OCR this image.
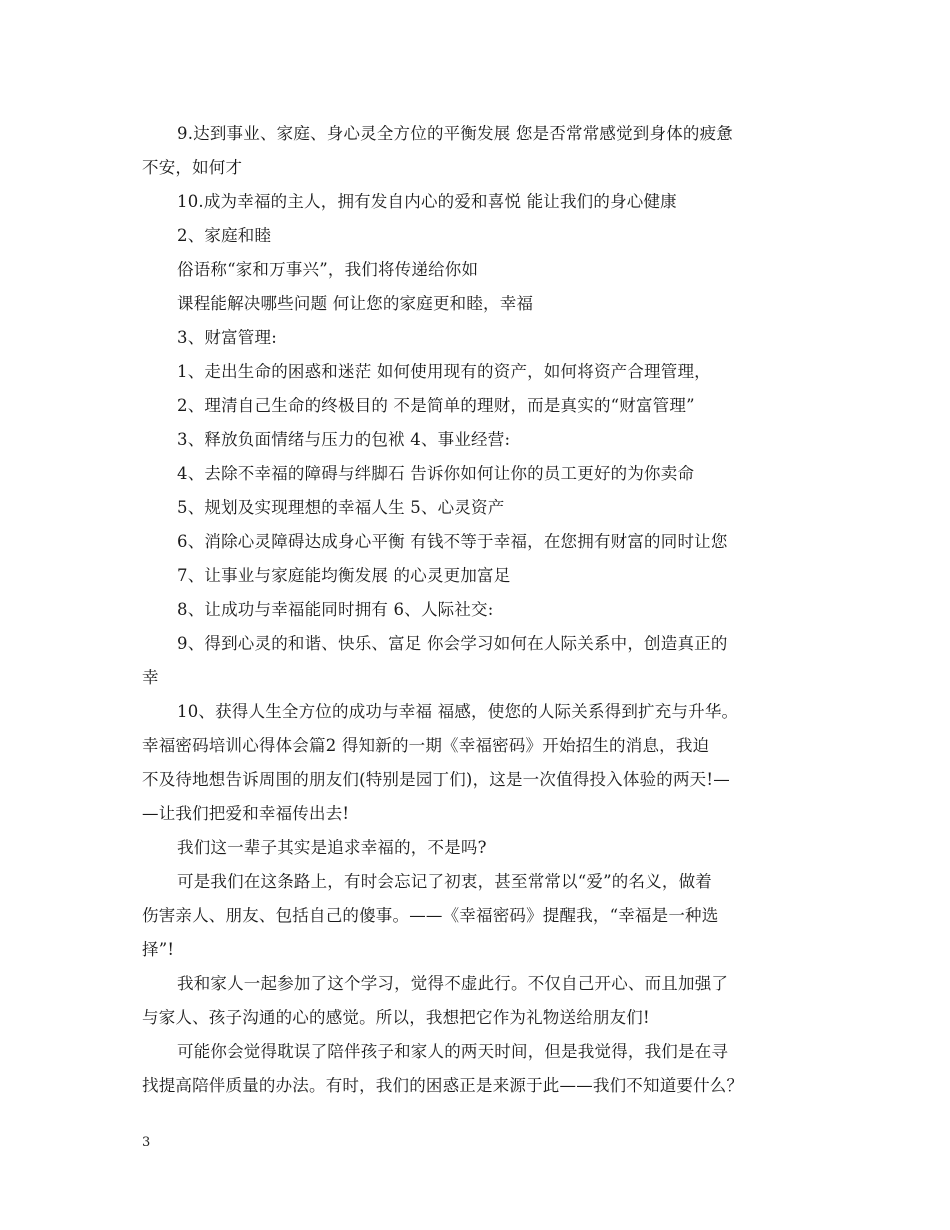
9.达到事业、家庭、身心灵全方位的平衡发展 您是否常常感觉到身体的疲惫
不安，如何才
10.成为幸福的主人，拥有发自内心的爱和喜悦 能让我们的身心健康
2、家庭和睦
俗语称“家和万事兴”，我们将传递给你如
课程能解决哪些问题 何让您的家庭更和睦，幸福
3、财富管理:
1、走出生命的困惑和迷茫 如何使用现有的资产，如何将资产合理管理，
2、理清自己生命的终极目的 不是简单的理财，而是真实的“财富管理”
3、释放负面情绪与压力的包袱 4、事业经营:
4、去除不幸福的障碍与绊脚石 告诉你如何让你的员工更好的为你卖命
5、规划及实现理想的幸福人生 5、心灵资产
6、消除心灵障碍达成身心平衡 有钱不等于幸福，在您拥有财富的同时让您
7、让事业与家庭能均衡发展 的心灵更加富足
8、让成功与幸福能同时拥有 6、人际社交:
9、得到心灵的和谐、快乐、富足 你会学习如何在人际关系中，创造真正的
幸
10、获得人生全方位的成功与幸福 福感，使您的人际关系得到扩充与升华。
幸福密码培训心得体会篇2 得知新的一期《幸福密码》开始招生的消息，我迫
不及待地想告诉周围的朋友们(特别是园丁们)，这是一次值得投入体验的两天!—
—让我们把爱和幸福传出去!
我们这一辈子其实是追求幸福的，不是吗?
可是我们在这条路上，有时会忘记了初衷，甚至常常以“爱”的名义，做着
伤害亲人、朋友、包括自己的傻事。——《幸福密码》提醒我，“幸福是一种选
择”!
我和家人一起参加了这个学习，觉得不虚此行。不仅自己开心、而且加强了
与家人、孩子沟通的心的感觉。所以，我想把它作为礼物送给朋友们!
可能你会觉得耽误了陪伴孩子和家人的两天时间，但是我觉得，我们是在寻
找提高陪伴质量的办法。有时，我们的困惑正是来源于此——我们不知道要什么？
3
